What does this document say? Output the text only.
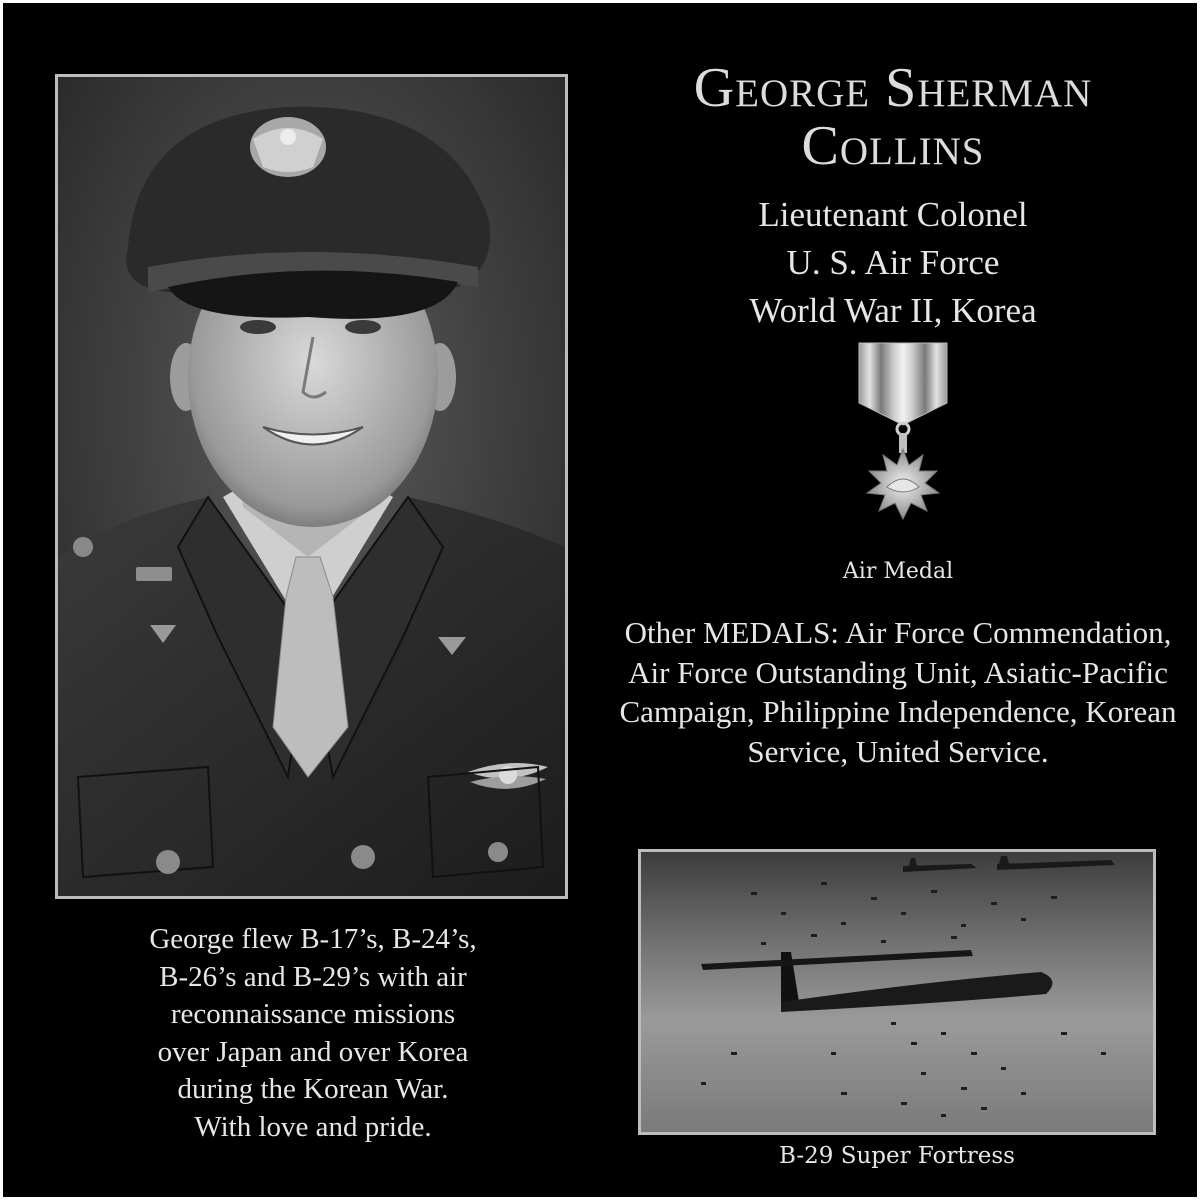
George Sherman
Collins
Lieutenant Colonel
U. S. Air Force
World War II, Korea
Air Medal
Other MEDALS: Air Force Commendation, Air Force Outstanding Unit, Asiatic-Pacific Campaign, Philippine Independence, Korean Service, United Service.
George flew B-17’s, B-24’s,
B-26’s and B-29’s with air
reconnaissance missions
over Japan and over Korea
during the Korean War.
With love and pride.
B-29 Super Fortress
